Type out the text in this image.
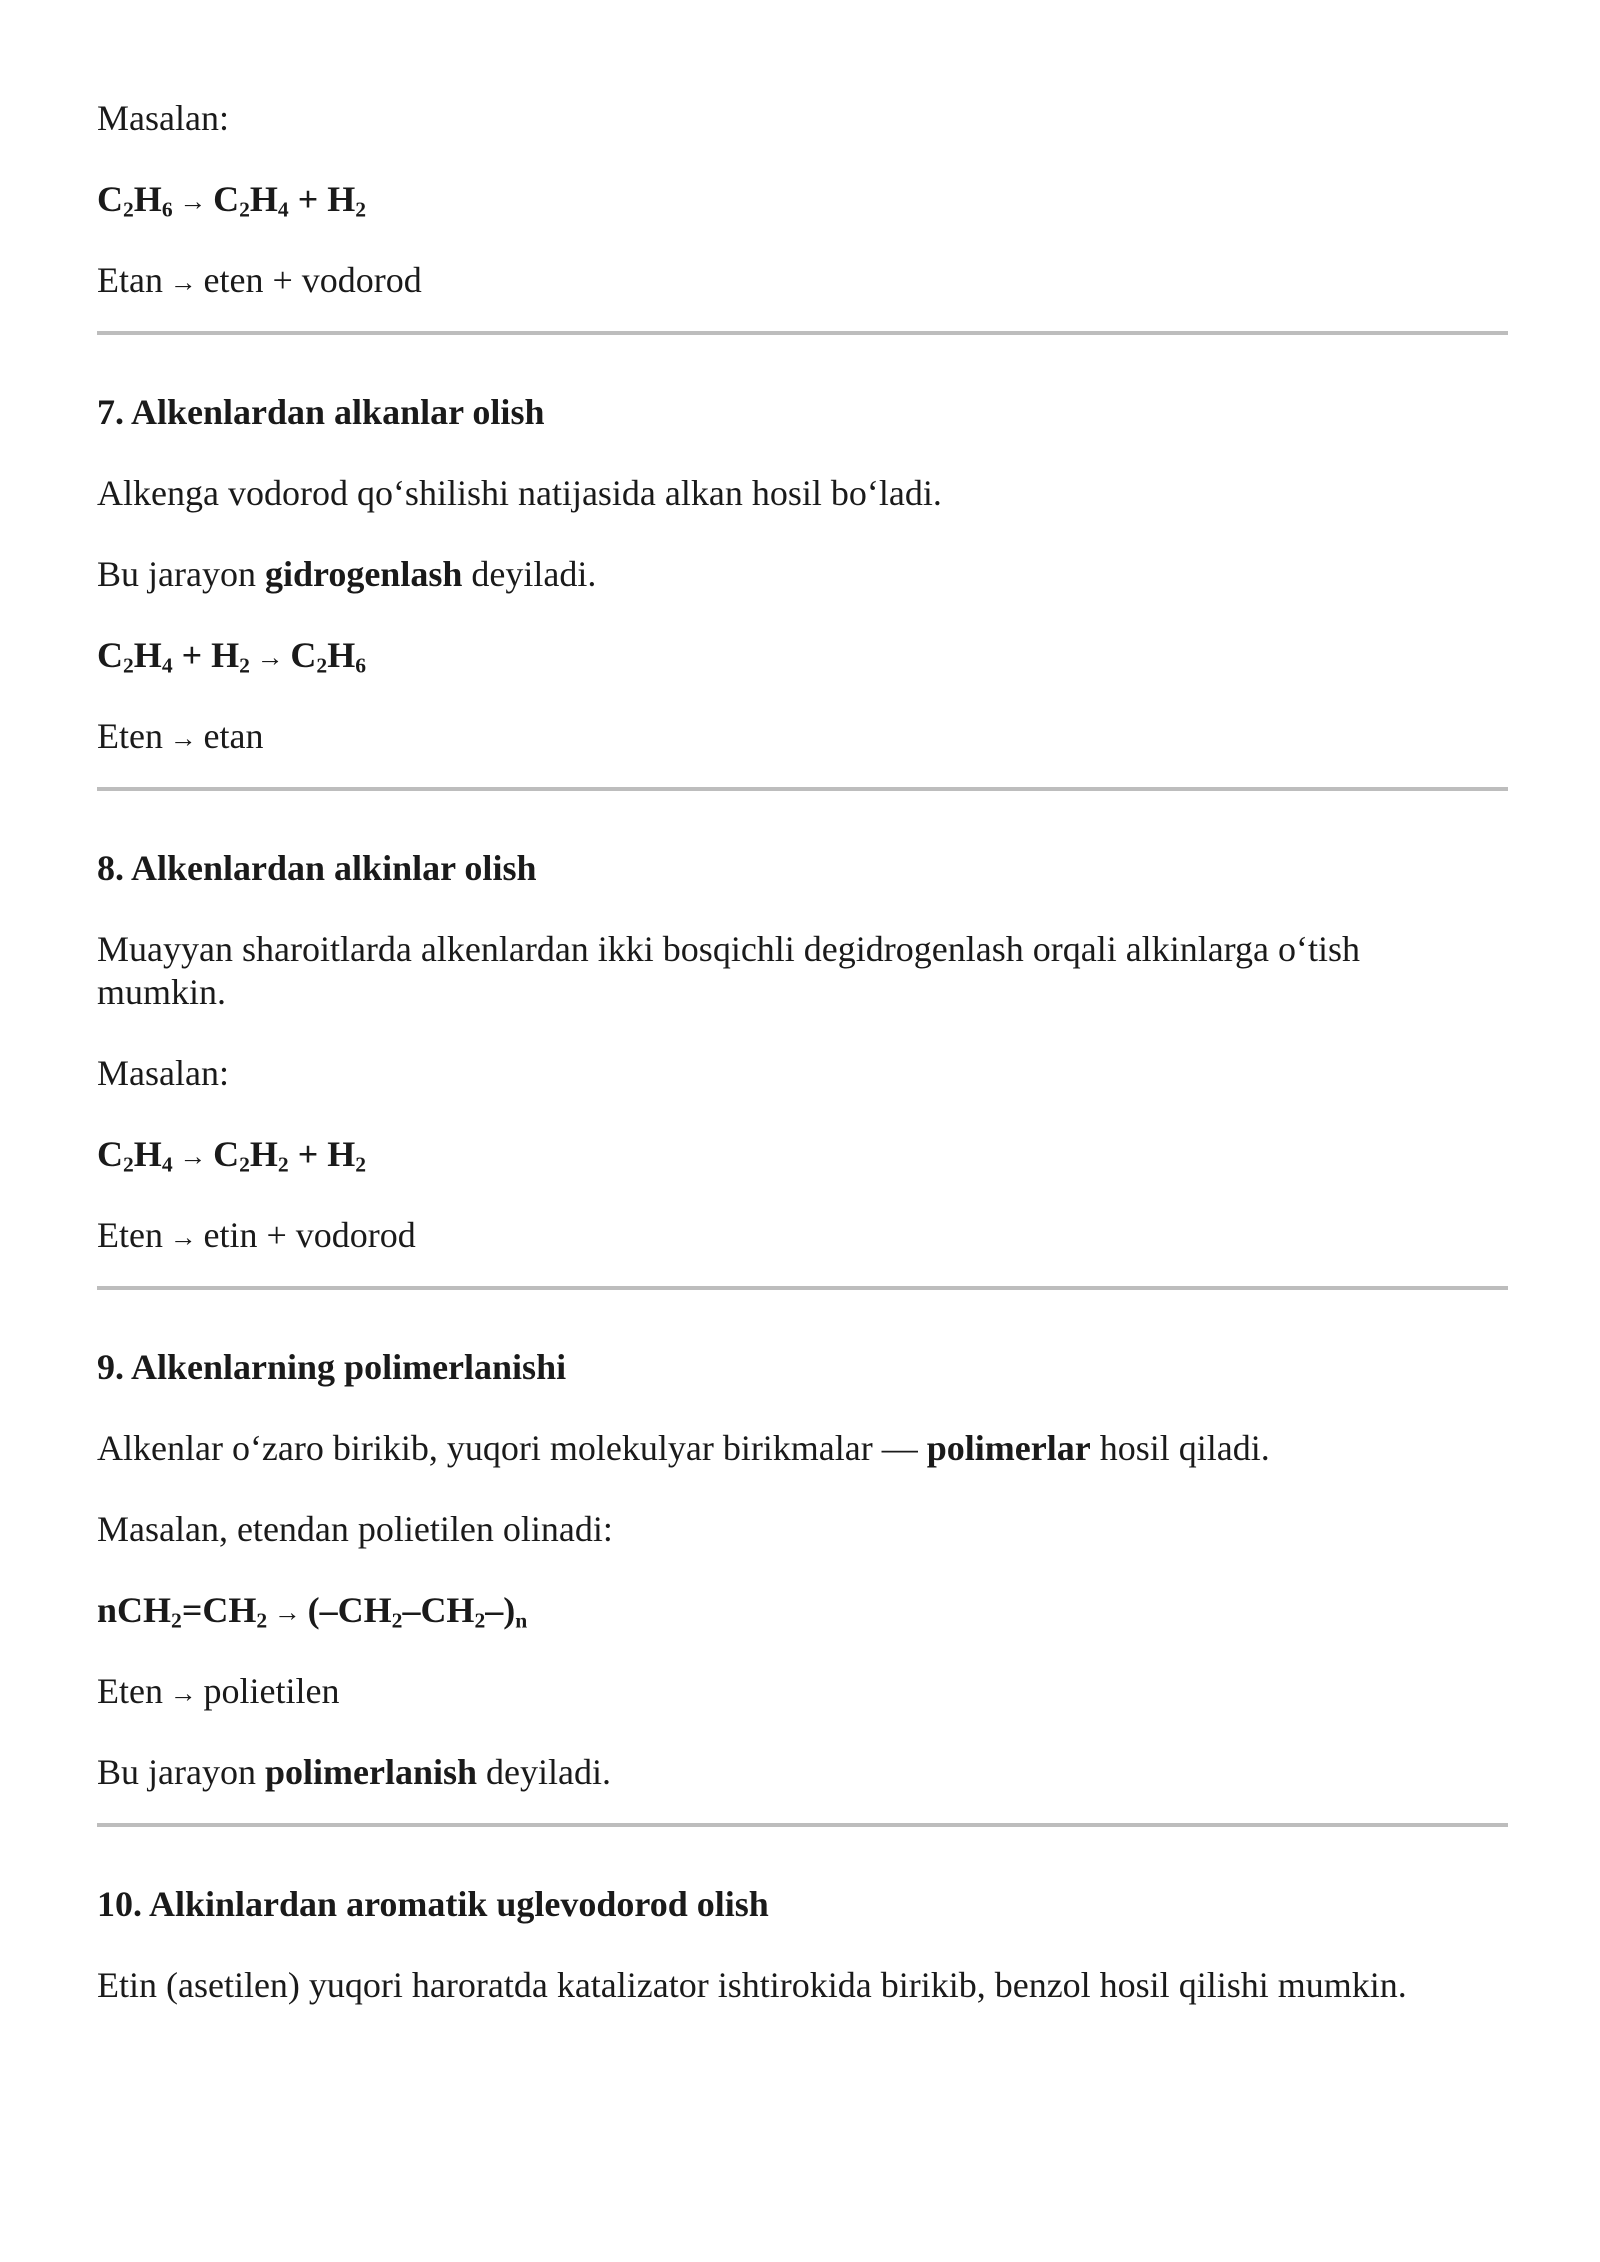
Masalan:

$C_2H_6 \to C_2H_4 + H_2$

Etan → eten + vodorod

7. Alkenlardan alkanlar olish

Alkenga vodorod qo‘shilishi natijasida alkan hosil bo‘ladi.

Bu jarayon gidrogenlash deyiladi.

$C_2H_4 + H_2 \to C_2H_6$

Eten → etan

8. Alkenlardan alkinlar olish

Muayyan sharoitlarda alkenlardan ikki bosqichli degidrogenlash orqali alkinlarga o‘tish mumkin.

Masalan:

$C_2H_4 \to C_2H_2 + H_2$

Eten → etin + vodorod

9. Alkenlarning polimerlanishi

Alkenlar o‘zaro birikib, yuqori molekulyar birikmalar — polimerlar hosil qiladi.

Masalan, etendan polietilen olinadi:

$nCH_2=CH_2 \to (-CH_2-CH_2-)_n$

Eten → polietilen

Bu jarayon polimerlanish deyiladi.

10. Alkinlardan aromatik uglevodorod olish

Etin (asetilen) yuqori haroratda katalizator ishtirokida birikib, benzol hosil qilishi mumkin.
